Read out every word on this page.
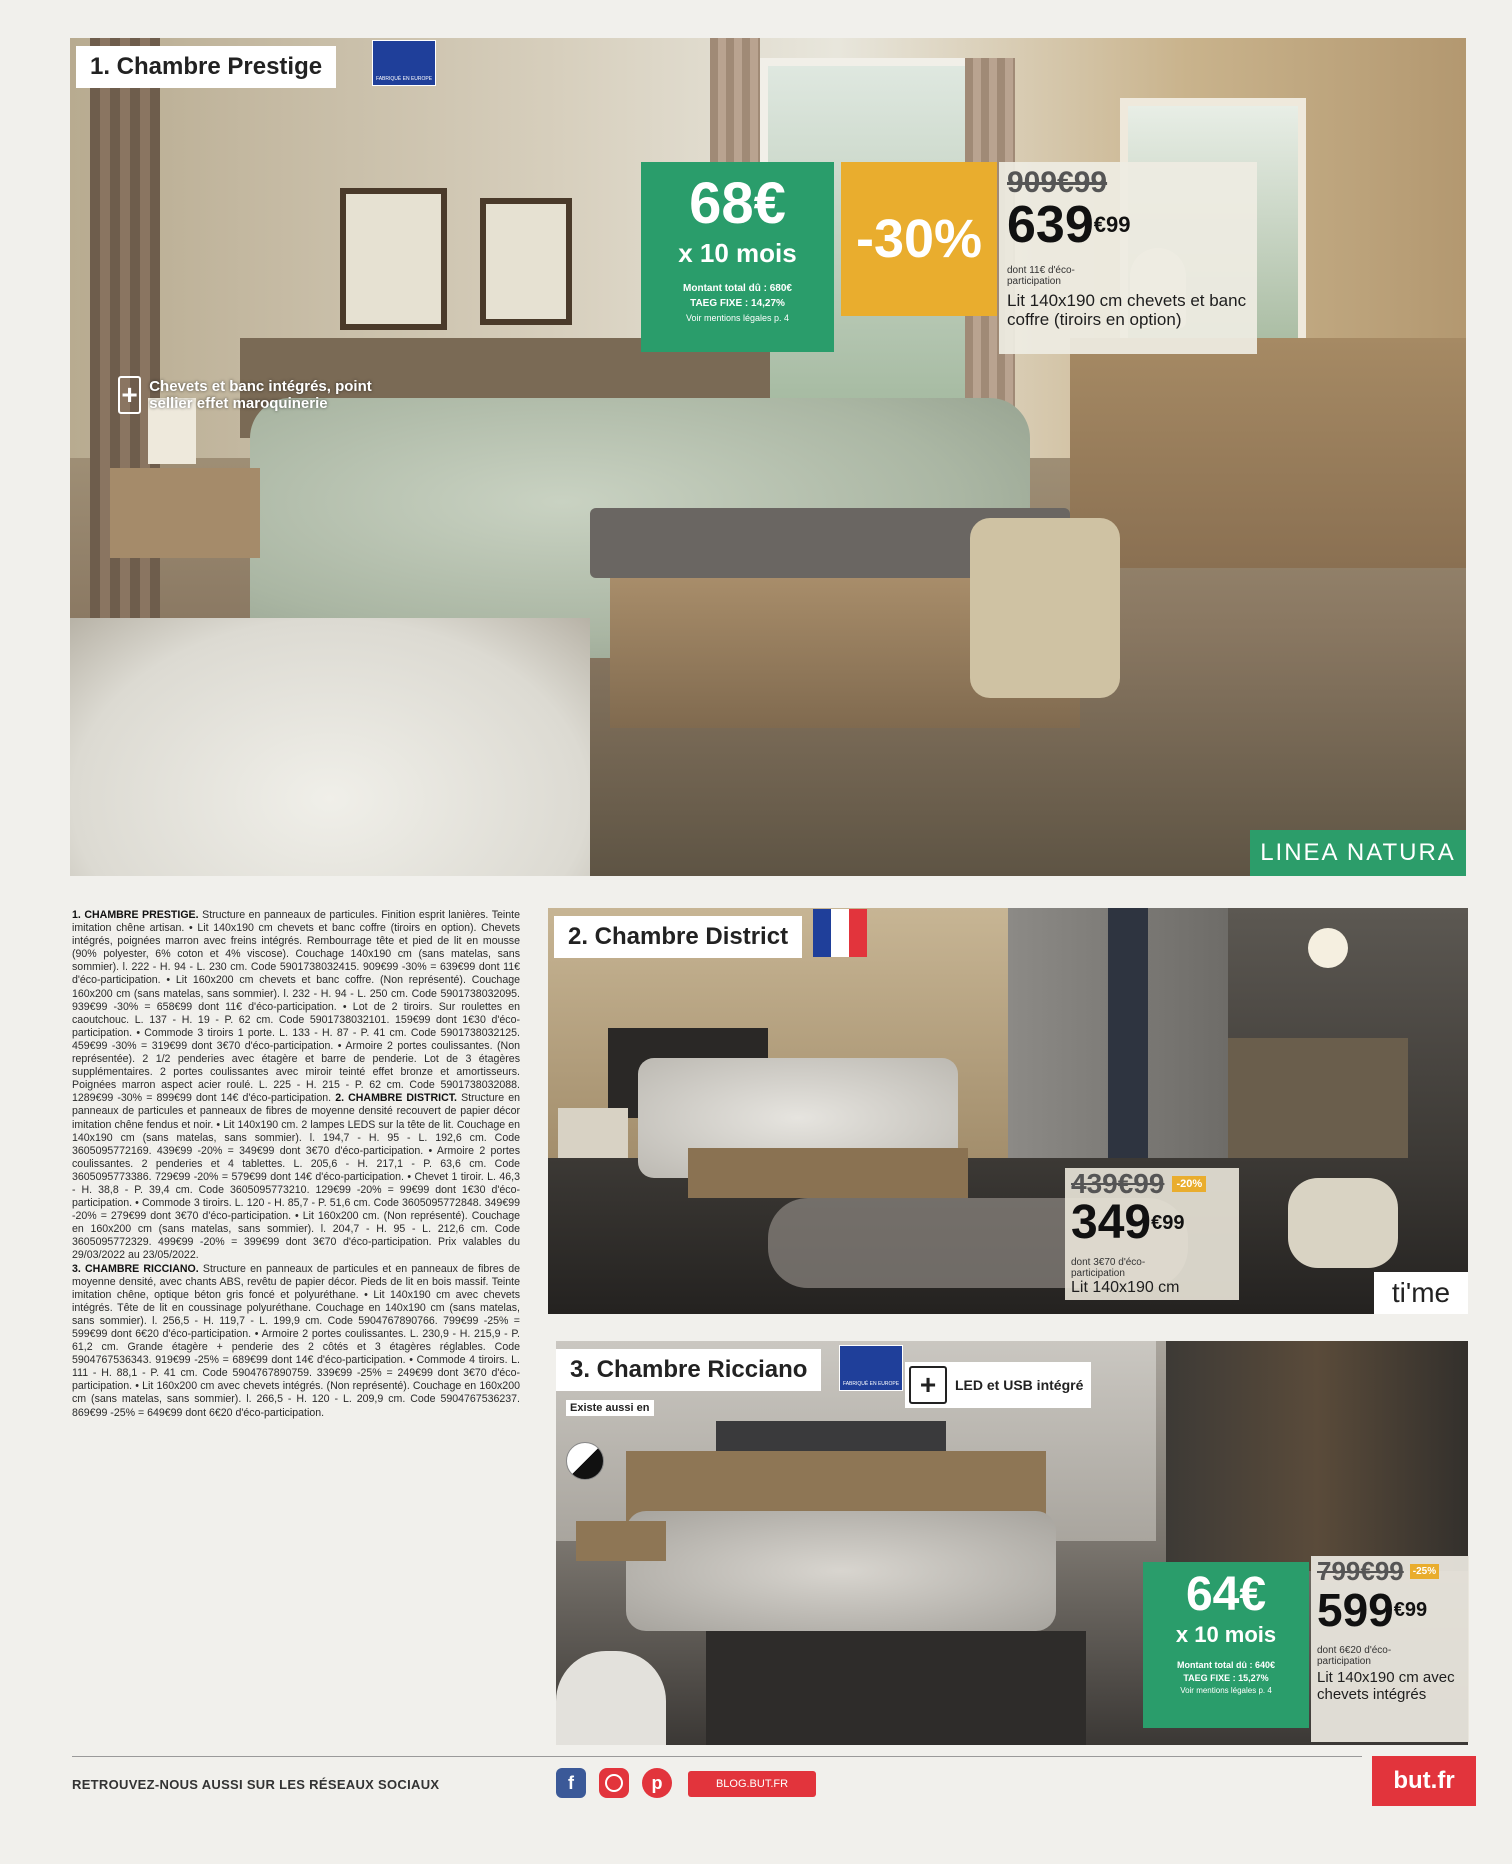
1. Chambre Prestige	FABRIQUÉ EN EUROPE
+ Chevets et banc intégrés, point sellier effet maroquinerie
68€
x 10 mois
Montant total dû : 680€
TAEG FIXE : 14,27%
Voir mentions légales p. 4
-30%
909€99
639€99
dont 11€ d'éco-participation
Lit 140x190 cm chevets et banc coffre (tiroirs en option)
LINEA NATURA
1. CHAMBRE PRESTIGE. Structure en panneaux de particules. Finition esprit lanières. Teinte imitation chêne artisan. • Lit 140x190 cm chevets et banc coffre (tiroirs en option). Chevets intégrés, poignées marron avec freins intégrés. Rembourrage tête et pied de lit en mousse (90% polyester, 6% coton et 4% viscose). Couchage 140x190 cm (sans matelas, sans sommier). l. 222 - H. 94 - L. 230 cm. Code 5901738032415. 909€99 -30% = 639€99 dont 11€ d'éco-participation. • Lit 160x200 cm chevets et banc coffre. (Non représenté). Couchage 160x200 cm (sans matelas, sans sommier). l. 232 - H. 94 - L. 250 cm. Code 5901738032095. 939€99 -30% = 658€99 dont 11€ d'éco-participation. • Lot de 2 tiroirs. Sur roulettes en caoutchouc. L. 137 - H. 19 - P. 62 cm. Code 5901738032101. 159€99 dont 1€30 d'éco-participation. • Commode 3 tiroirs 1 porte. L. 133 - H. 87 - P. 41 cm. Code 5901738032125. 459€99 -30% = 319€99 dont 3€70 d'éco-participation. • Armoire 2 portes coulissantes. (Non représentée). 2 1/2 penderies avec étagère et barre de penderie. Lot de 3 étagères supplémentaires. 2 portes coulissantes avec miroir teinté effet bronze et amortisseurs. Poignées marron aspect acier roulé. L. 225 - H. 215 - P. 62 cm. Code 5901738032088. 1289€99 -30% = 899€99 dont 14€ d'éco-participation. 2. CHAMBRE DISTRICT. Structure en panneaux de particules et panneaux de fibres de moyenne densité recouvert de papier décor imitation chêne fendus et noir. • Lit 140x190 cm. 2 lampes LEDS sur la tête de lit. Couchage en 140x190 cm (sans matelas, sans sommier). l. 194,7 - H. 95 - L. 192,6 cm. Code 3605095772169. 439€99 -20% = 349€99 dont 3€70 d'éco-participation. • Armoire 2 portes coulissantes. 2 penderies et 4 tablettes. L. 205,6 - H. 217,1 - P. 63,6 cm. Code 3605095773386. 729€99 -20% = 579€99 dont 14€ d'éco-participation. • Chevet 1 tiroir. L. 46,3 - H. 38,8 - P. 39,4 cm. Code 3605095773210. 129€99 -20% = 99€99 dont 1€30 d'éco-participation. • Commode 3 tiroirs. L. 120 - H. 85,7 - P. 51,6 cm. Code 3605095772848. 349€99 -20% = 279€99 dont 3€70 d'éco-participation. • Lit 160x200 cm. (Non représenté). Couchage en 160x200 cm (sans matelas, sans sommier). l. 204,7 - H. 95 - L. 212,6 cm. Code 3605095772329. 499€99 -20% = 399€99 dont 3€70 d'éco-participation. Prix valables du 29/03/2022 au 23/05/2022.
3. CHAMBRE RICCIANO. Structure en panneaux de particules et en panneaux de fibres de moyenne densité, avec chants ABS, revêtu de papier décor. Pieds de lit en bois massif. Teinte imitation chêne, optique béton gris foncé et polyuréthane. • Lit 140x190 cm avec chevets intégrés. Tête de lit en coussinage polyuréthane. Couchage en 140x190 cm (sans matelas, sans sommier). l. 256,5 - H. 119,7 - L. 199,9 cm. Code 5904767890766. 799€99 -25% = 599€99 dont 6€20 d'éco-participation. • Armoire 2 portes coulissantes. L. 230,9 - H. 215,9 - P. 61,2 cm. Grande étagère + penderie des 2 côtés et 3 étagères réglables. Code 5904767536343. 919€99 -25% = 689€99 dont 14€ d'éco-participation. • Commode 4 tiroirs. L. 111 - H. 88,1 - P. 41 cm. Code 5904767890759. 339€99 -25% = 249€99 dont 3€70 d'éco-participation. • Lit 160x200 cm avec chevets intégrés. (Non représenté). Couchage en 160x200 cm (sans matelas, sans sommier). l. 266,5 - H. 120 - L. 209,9 cm. Code 5904767536237. 869€99 -25% = 649€99 dont 6€20 d'éco-participation.
2. Chambre District
439€99	-20%
349€99
dont 3€70 d'éco-participation
Lit 140x190 cm	ti'me
3. Chambre Ricciano
FABRIQUÉ EN EUROPE +	LED et USB intégré
Existe aussi en
64€
x 10 mois
Montant total dû : 640€
TAEG FIXE : 15,27%
Voir mentions légales p. 4
799€99 -25%
599€99
dont 6€20 d'éco-participation
Lit 140x190 cm avec chevets intégrés
RETROUVEZ-NOUS AUSSI SUR LES RÉSEAUX SOCIAUX	f	p	BLOG.BUT.FR	but.fr
